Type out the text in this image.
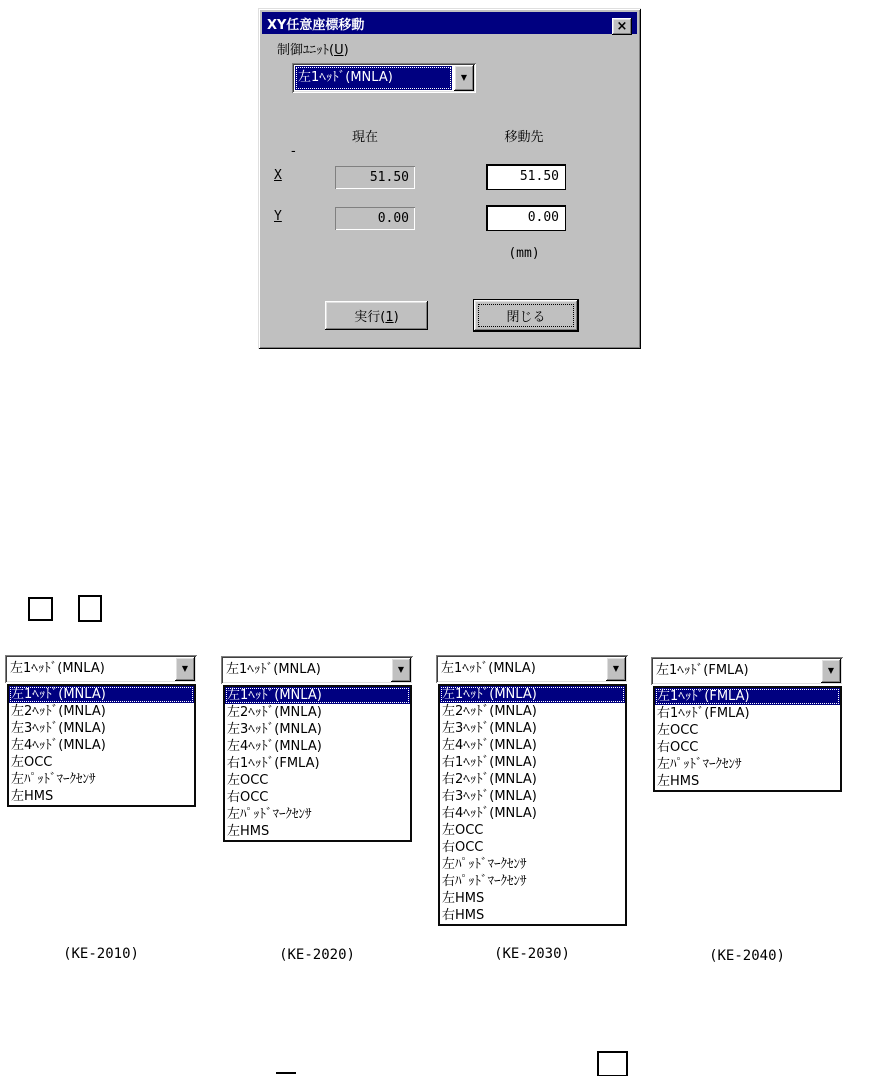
XY任意座標移動	×
制御ﾕﾆｯﾄ(U)
左1ﾍｯﾄﾞ(MNLA)	▼
現在	移動先
-
X	51.50	51.50
Y	0.00	0.00
(mm)
実行(1)	閉じる
左1ﾍｯﾄﾞ(MNLA)	▼
左1ﾍｯﾄﾞ(MNLA)
左2ﾍｯﾄﾞ(MNLA)
左3ﾍｯﾄﾞ(MNLA)
左4ﾍｯﾄﾞ(MNLA)
左OCC
左ﾊﾟｯﾄﾞﾏｰｸｾﾝｻ
左HMS
(KE-2010)
左1ﾍｯﾄﾞ(MNLA)	▼
左1ﾍｯﾄﾞ(MNLA)
左2ﾍｯﾄﾞ(MNLA)
左3ﾍｯﾄﾞ(MNLA)
左4ﾍｯﾄﾞ(MNLA)
右1ﾍｯﾄﾞ(FMLA)
左OCC
右OCC
左ﾊﾟｯﾄﾞﾏｰｸｾﾝｻ
左HMS
(KE-2020)
左1ﾍｯﾄﾞ(MNLA)	▼
左1ﾍｯﾄﾞ(MNLA)
左2ﾍｯﾄﾞ(MNLA)
左3ﾍｯﾄﾞ(MNLA)
左4ﾍｯﾄﾞ(MNLA)
右1ﾍｯﾄﾞ(MNLA)
右2ﾍｯﾄﾞ(MNLA)
右3ﾍｯﾄﾞ(MNLA)
右4ﾍｯﾄﾞ(MNLA)
左OCC
右OCC
左ﾊﾟｯﾄﾞﾏｰｸｾﾝｻ
右ﾊﾟｯﾄﾞﾏｰｸｾﾝｻ
左HMS
右HMS
(KE-2030)
左1ﾍｯﾄﾞ(FMLA)	▼
左1ﾍｯﾄﾞ(FMLA)
右1ﾍｯﾄﾞ(FMLA)
左OCC
右OCC
左ﾊﾟｯﾄﾞﾏｰｸｾﾝｻ
左HMS
(KE-2040)
